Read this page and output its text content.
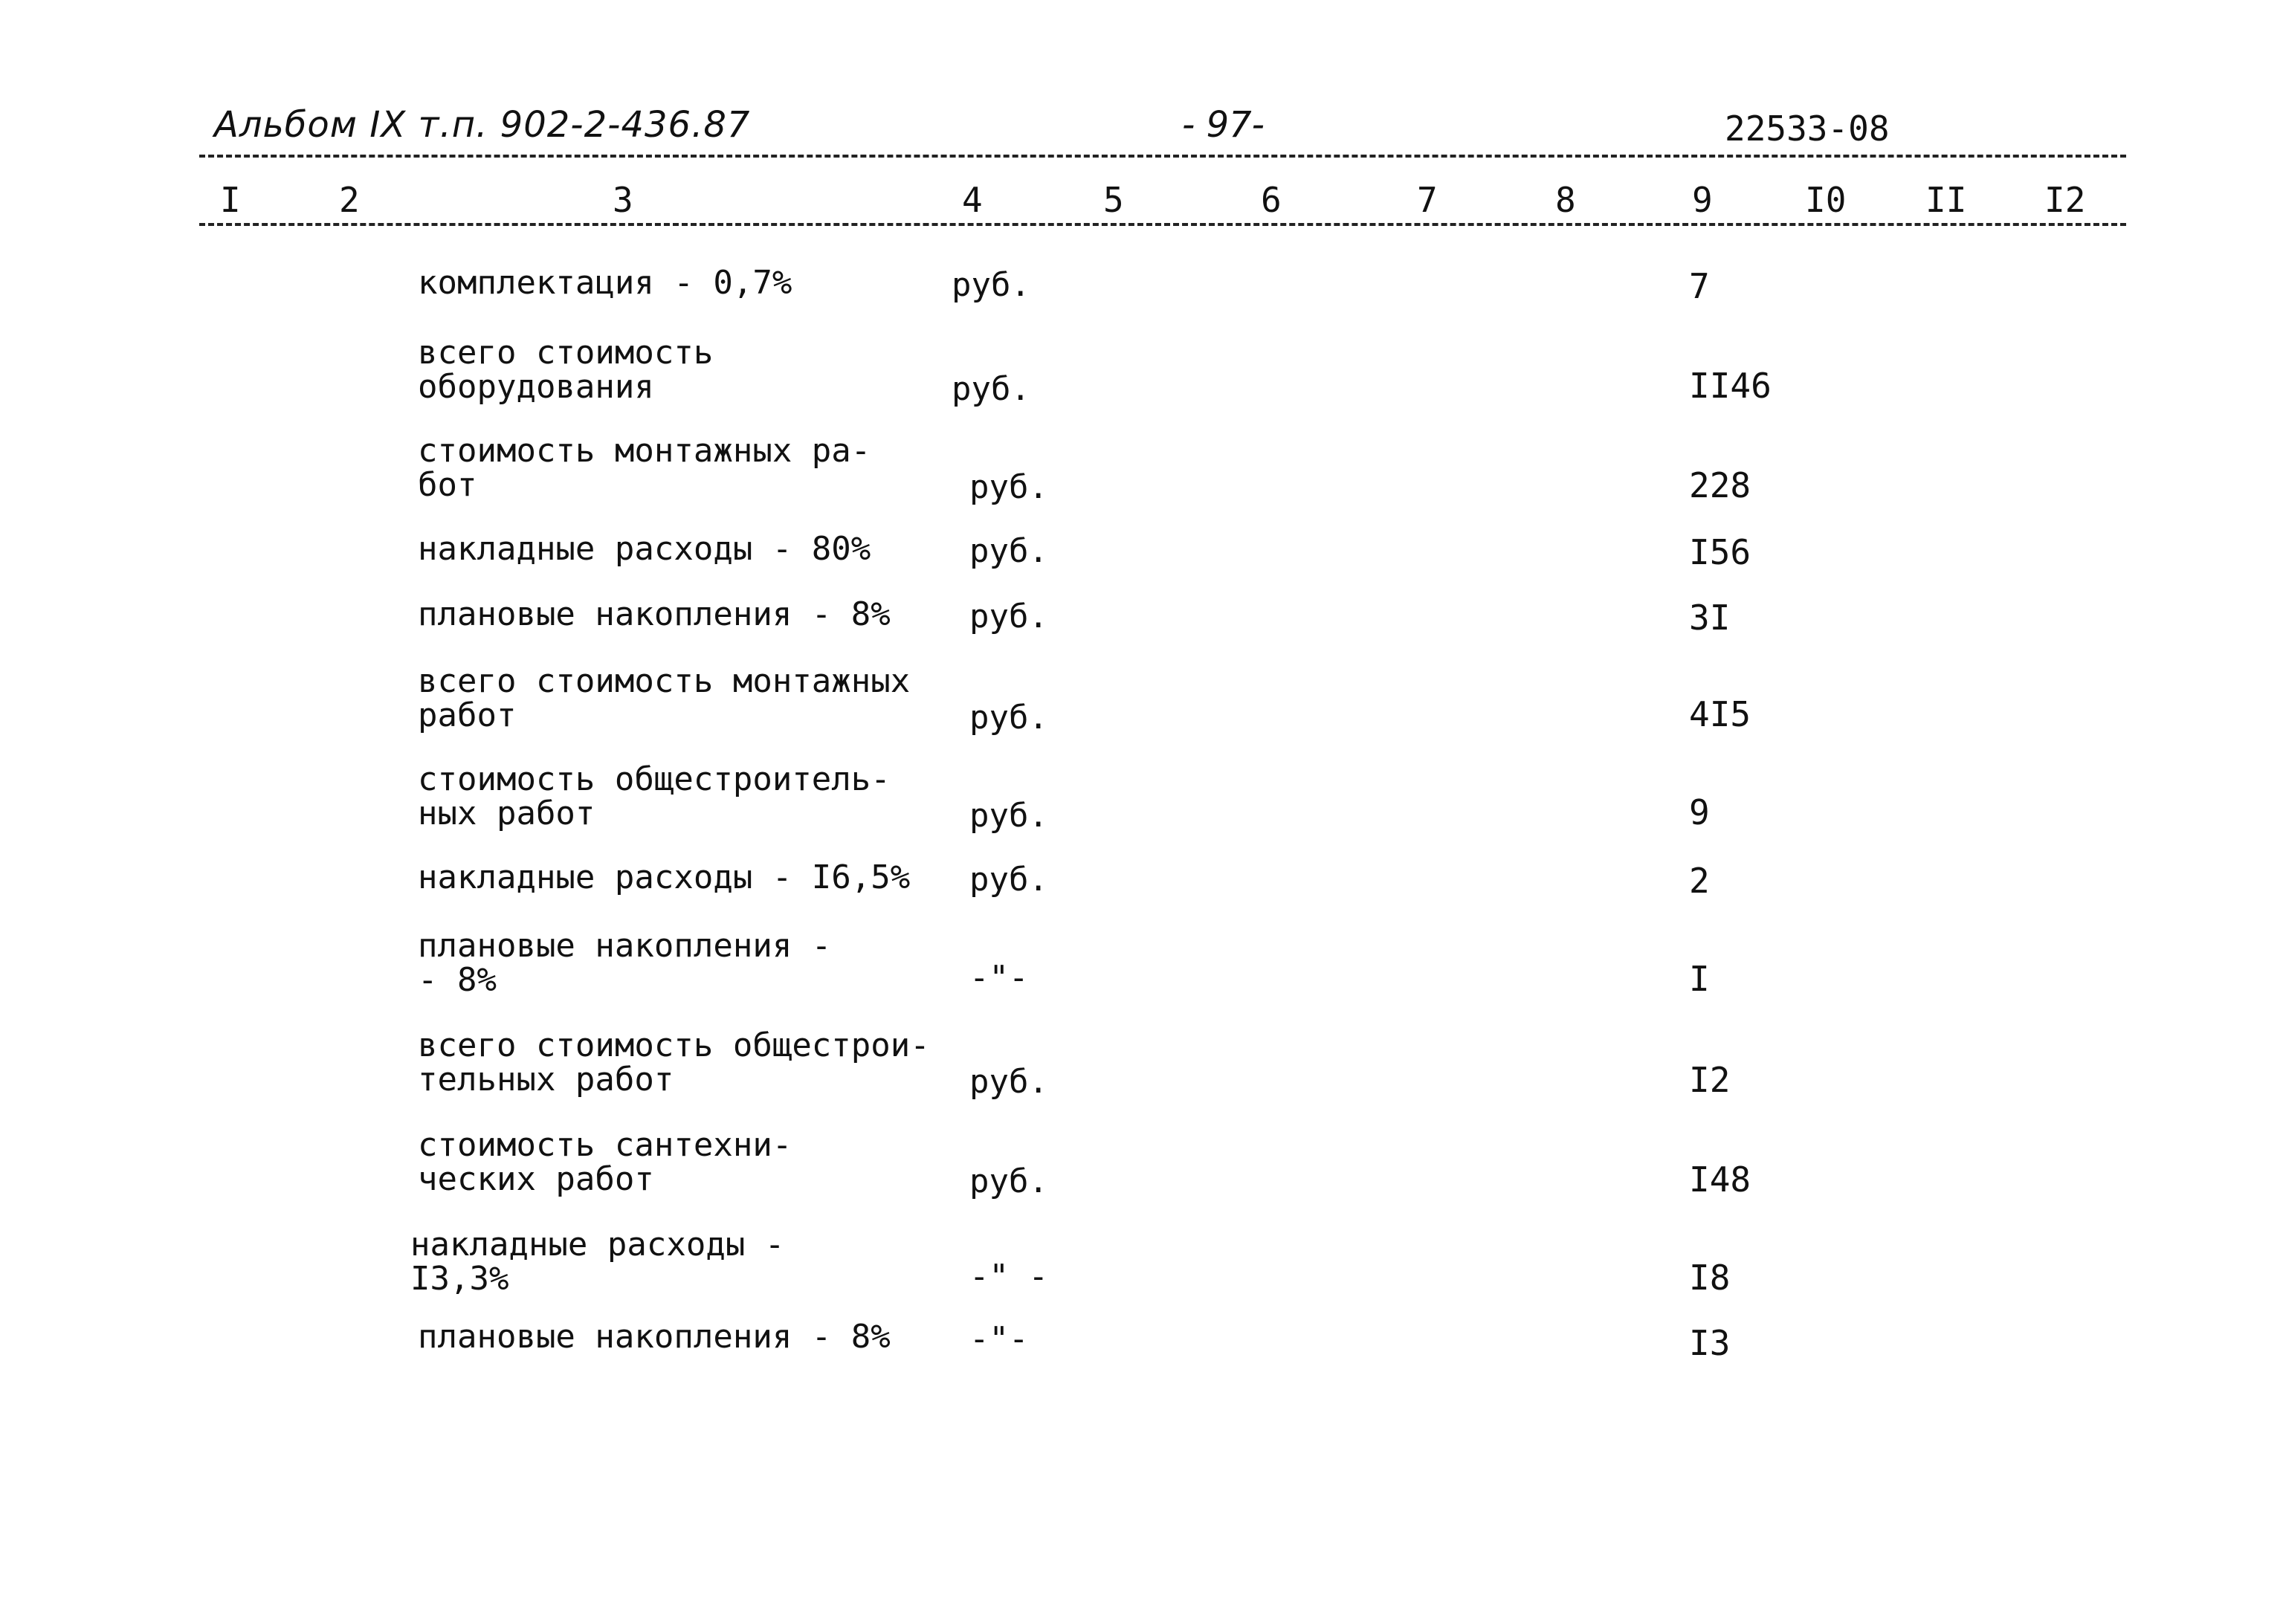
Альбом IX т.п. 902-2-436.87	- 97-	22533-08
I	2	3	4	5	6	7	8	9	I0 II I2
комплектация - 0,7%	руб.	7
всего стоимость
оборудования	руб.	II46
стоимость монтажных ра-
бот	руб.	228
накладные расходы - 80%	руб.	I56
плановые накопления - 8% руб.	3I
всего стоимость монтажных
работ	руб.	4I5
стоимость общестроитель-
ных работ	руб.	9
накладные расходы - I6,5% руб.	2
плановые накопления -
- 8%	-"-	I
всего стоимость общестрои-
тельных работ	руб.	I2
стоимость сантехни-
ческих работ	руб.	I48
накладные расходы -
I3,3%	-" -	I8
плановые накопления - 8% -"-	I3
